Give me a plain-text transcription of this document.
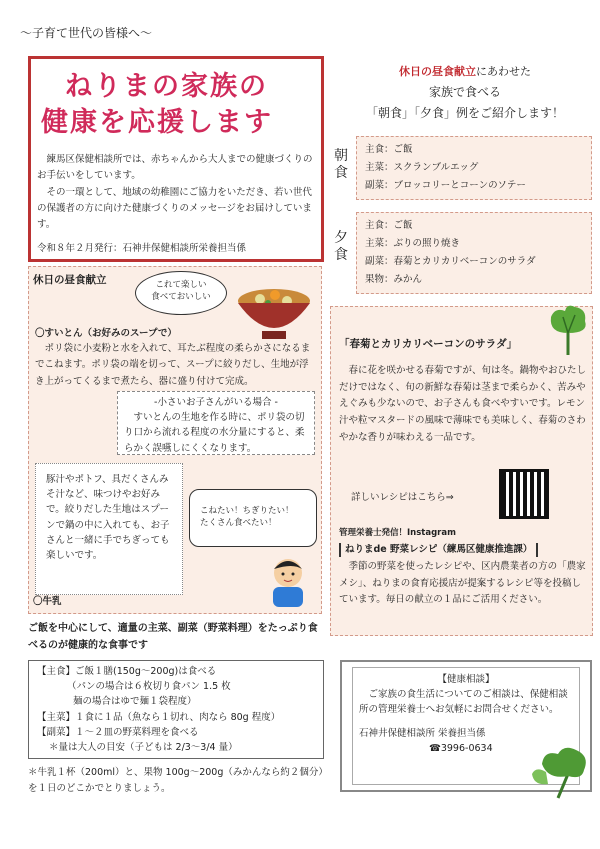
～子育て世代の皆様へ～
ねりまの家族の
健康を応援します

練馬区保健相談所では、赤ちゃんから大人までの健康づくりのお手伝いをしています。

その一環として、地域の幼稚園にご協力をいただき、若い世代の保護者の方に向けた健康づくりのメッセージをお届けしています。

令和８年２月発行：石神井保健相談所栄養担当係
休日の昼食献立にあわせた
家族で食べる
「朝食」「夕食」例をご紹介します！
朝食
主食：ご飯
主菜：スクランブルエッグ
副菜：ブロッコリーとコーンのソテー
夕食
主食：ご飯
主菜：ぶりの照り焼き
副菜：春菊とカリカリベーコンのサラダ
果物：みかん
休日の昼食献立	これて楽しい
食べておいしい
〇すいとん（お好みのスープで）
ポリ袋に小麦粉と水を入れて、耳たぶ程度の柔らかさになるまでこねます。ポリ袋の端を切って、スープに絞りだし、生地が浮き上がってくるまで煮たら、器に盛り付けて完成。
-小さいお子さんがいる場合 -
すいとんの生地を作る時に、ポリ袋の切り口から流れる程度の水分量にすると、柔らかく誤嚥しにくくなります。
豚汁やポトフ、具だくさんみそ汁など、味つけやお好みで。絞りだした生地はスプーンで鍋の中に入れても、お子さんと一緒に手でちぎっても楽しいです。
こねたい！ちぎりたい！
たくさん食べたい！
〇牛乳
「春菊とカリカリベーコンのサラダ」
春に花を咲かせる春菊ですが、旬は冬。鍋物やおひたしだけではなく、旬の新鮮な春菊は茎まで柔らかく、苦みやえぐみも少ないので、お子さんも食べやすいです。レモン汁や粒マスタードの風味で薄味でも美味しく、春菊のさわやかな香りが味わえる一品です。
詳しいレシピはこちら⇒
管理栄養士発信！Instagram
ねりまde 野菜レシピ（練馬区健康推進課）
季節の野菜を使ったレシピや、区内農業者の方の「農家メシ」、ねりまの食育応援店が提案するレシピ等を投稿しています。毎日の献立の１品にご活用ください。
ご飯を中心にして、適量の主菜、副菜（野菜料理）をたっぷり食べるのが健康的な食事です
【主食】ご飯１膳(150g～200g)は食べる
（パンの場合は６枚切り食パン 1.5 枚
麺の場合はゆで麺１袋程度）
【主菜】１食に１品（魚なら１切れ、肉なら 80g 程度）
【副菜】１～２皿の野菜料理を食べる
＊量は大人の目安（子どもは 2/3～3/4 量）
＊牛乳１杯（200ml）と、果物 100g～200g（みかんなら約２個分）を１日のどこかでとりましょう。
【健康相談】
ご家族の食生活についてのご相談は、保健相談所の管理栄養士へお気軽にお問合せください。
石神井保健相談所 栄養担当係
☎3996-0634
